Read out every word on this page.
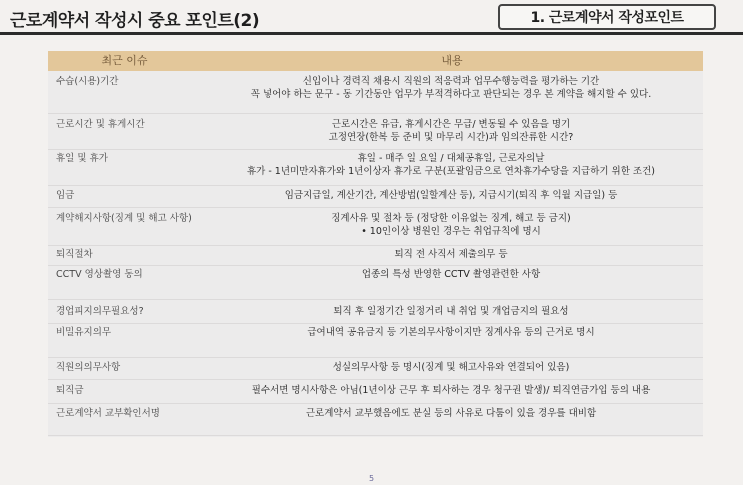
근로계약서 작성시 중요 포인트(2)	1. 근로계약서 작성포인트
최근 이슈	내용
수습(시용)기간	신입이나 경력직 채용시 직원의 적응력과 업무수행능력을 평가하는 기간
꼭 넣어야 하는 문구 - 동 기간동안 업무가 부적격하다고 판단되는 경우 본 계약을 해지할 수 있다.
근로시간 및 휴게시간	근로시간은 유급, 휴게시간은 무급/ 변동될 수 있음을 명기
고정연장(한복 등 준비 및 마무리 시간)과 임의잔류한 시간?
휴일 및 휴가	휴일 - 매주 일 요일 / 대체공휴일, 근로자의날
휴가 - 1년미만자휴가와 1년이상자 휴가로 구분(포괄임금으로 연차휴가수당을 지급하기 위한 조건)
임금	임금지급일, 계산기간, 계산방법(일할계산 등), 지급시기(퇴직 후 익월 지급일) 등
계약해지사항(징계 및 해고 사항)	징계사유 및 절차 등 (정당한 이유없는 징계, 해고 등 금지)
• 10인이상 병원인 경우는 취업규칙에 명시
퇴직절차	퇴직 전 사직서 제출의무 등
CCTV 영상촬영 동의	업종의 특성 반영한 CCTV 촬영관련한 사항
경업피지의무필요성?	퇴직 후 일정기간 일정거리 내 취업 및 개업금지의 필요성
비밀유지의무	급여내역 공유금지 등 기본의무사항이지만 징계사유 등의 근거로 명시
직원의의무사항	성실의무사항 등 명시(징계 및 해고사유와 연결되어 있음)
퇴직금	필수서면 명시사항은 아님(1년이상 근무 후 퇴사하는 경우 청구권 발생)/ 퇴직연금가입 등의 내용
근로계약서 교부확인서명	근로계약서 교부했음에도 분실 등의 사유로 다툼이 있을 경우를 대비함
5
